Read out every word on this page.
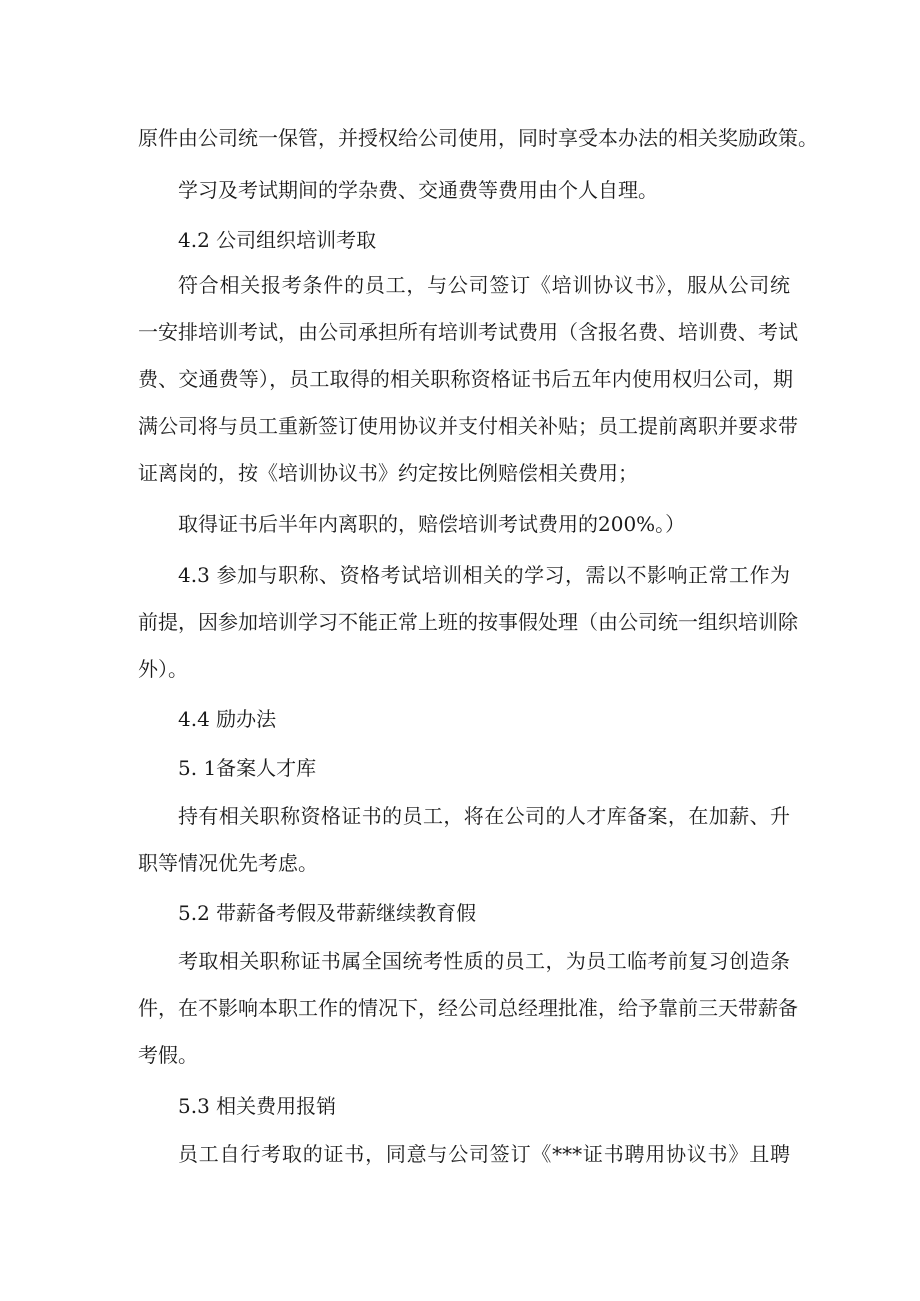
原件由公司统一保管，并授权给公司使用，同时享受本办法的相关奖励政策。
学习及考试期间的学杂费、交通费等费用由个人自理。
4.2 公司组织培训考取
符合相关报考条件的员工，与公司签订《培训协议书》，服从公司统
一安排培训考试，由公司承担所有培训考试费用（含报名费、培训费、考试
费、交通费等），员工取得的相关职称资格证书后五年内使用权归公司，期
满公司将与员工重新签订使用协议并支付相关补贴；员工提前离职并要求带
证离岗的，按《培训协议书》约定按比例赔偿相关费用；
取得证书后半年内离职的，赔偿培训考试费用的200%。）
4.3 参加与职称、资格考试培训相关的学习，需以不影响正常工作为
前提，因参加培训学习不能正常上班的按事假处理（由公司统一组织培训除
外）。
4.4 励办法
5. 1备案人才库
持有相关职称资格证书的员工，将在公司的人才库备案，在加薪、升
职等情况优先考虑。
5.2 带薪备考假及带薪继续教育假
考取相关职称证书属全国统考性质的员工，为员工临考前复习创造条
件，在不影响本职工作的情况下，经公司总经理批准，给予靠前三天带薪备
考假。
5.3 相关费用报销
员工自行考取的证书，同意与公司签订《***证书聘用协议书》且聘
